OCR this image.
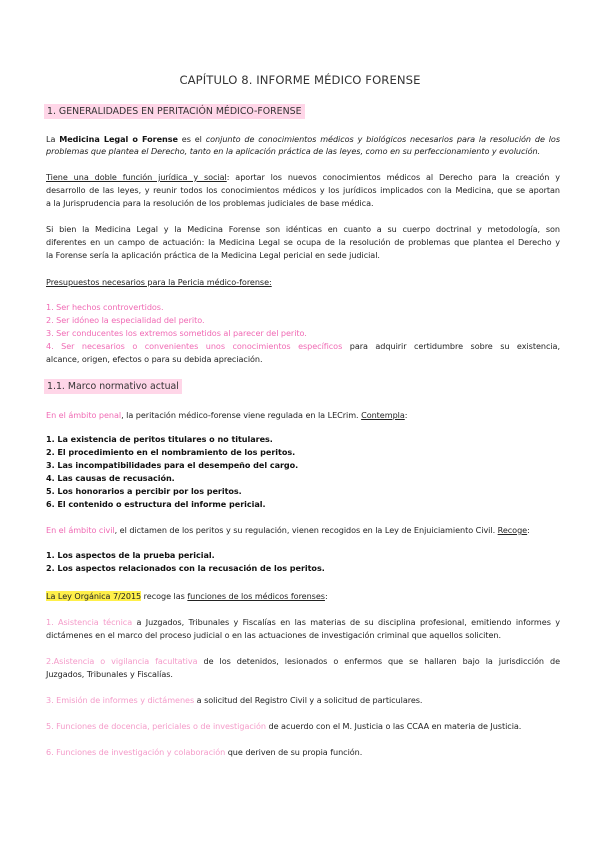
CAPÍTULO 8. INFORME MÉDICO FORENSE
1. GENERALIDADES EN PERITACIÓN MÉDICO-FORENSE
La Medicina Legal o Forense es el conjunto de conocimientos médicos y biológicos necesarios para la resolución de los
problemas que plantea el Derecho, tanto en la aplicación práctica de las leyes, como en su perfeccionamiento y evolución.
Tiene una doble función jurídica y social: aportar los nuevos conocimientos médicos al Derecho para la creación y
desarrollo de las leyes, y reunir todos los conocimientos médicos y los jurídicos implicados con la Medicina, que se aportan
a la Jurisprudencia para la resolución de los problemas judiciales de base médica.
Si bien la Medicina Legal y la Medicina Forense son idénticas en cuanto a su cuerpo doctrinal y metodología, son
diferentes en un campo de actuación: la Medicina Legal se ocupa de la resolución de problemas que plantea el Derecho y
la Forense sería la aplicación práctica de la Medicina Legal pericial en sede judicial.
Presupuestos necesarios para la Pericia médico-forense:
1. Ser hechos controvertidos.
2. Ser idóneo la especialidad del perito.
3. Ser conducentes los extremos sometidos al parecer del perito.
4. Ser necesarios o convenientes unos conocimientos específicos para adquirir certidumbre sobre su existencia,
alcance, origen, efectos o para su debida apreciación.
1.1. Marco normativo actual
En el ámbito penal, la peritación médico-forense viene regulada en la LECrim. Contempla:
1. La existencia de peritos titulares o no titulares.
2. El procedimiento en el nombramiento de los peritos.
3. Las incompatibilidades para el desempeño del cargo.
4. Las causas de recusación.
5. Los honorarios a percibir por los peritos.
6. El contenido o estructura del informe pericial.
En el ámbito civil, el dictamen de los peritos y su regulación, vienen recogidos en la Ley de Enjuiciamiento Civil. Recoge:
1. Los aspectos de la prueba pericial.
2. Los aspectos relacionados con la recusación de los peritos.
La Ley Orgánica 7/2015 recoge las funciones de los médicos forenses:
1. Asistencia técnica a Juzgados, Tribunales y Fiscalías en las materias de su disciplina profesional, emitiendo informes y
dictámenes en el marco del proceso judicial o en las actuaciones de investigación criminal que aquellos soliciten.
2.Asistencia o vigilancia facultativa de los detenidos, lesionados o enfermos que se hallaren bajo la jurisdicción de
Juzgados, Tribunales y Fiscalías.
3. Emisión de informes y dictámenes a solicitud del Registro Civil y a solicitud de particulares.
5. Funciones de docencia, periciales o de investigación de acuerdo con el M. Justicia o las CCAA en materia de Justicia.
6. Funciones de investigación y colaboración que deriven de su propia función.
